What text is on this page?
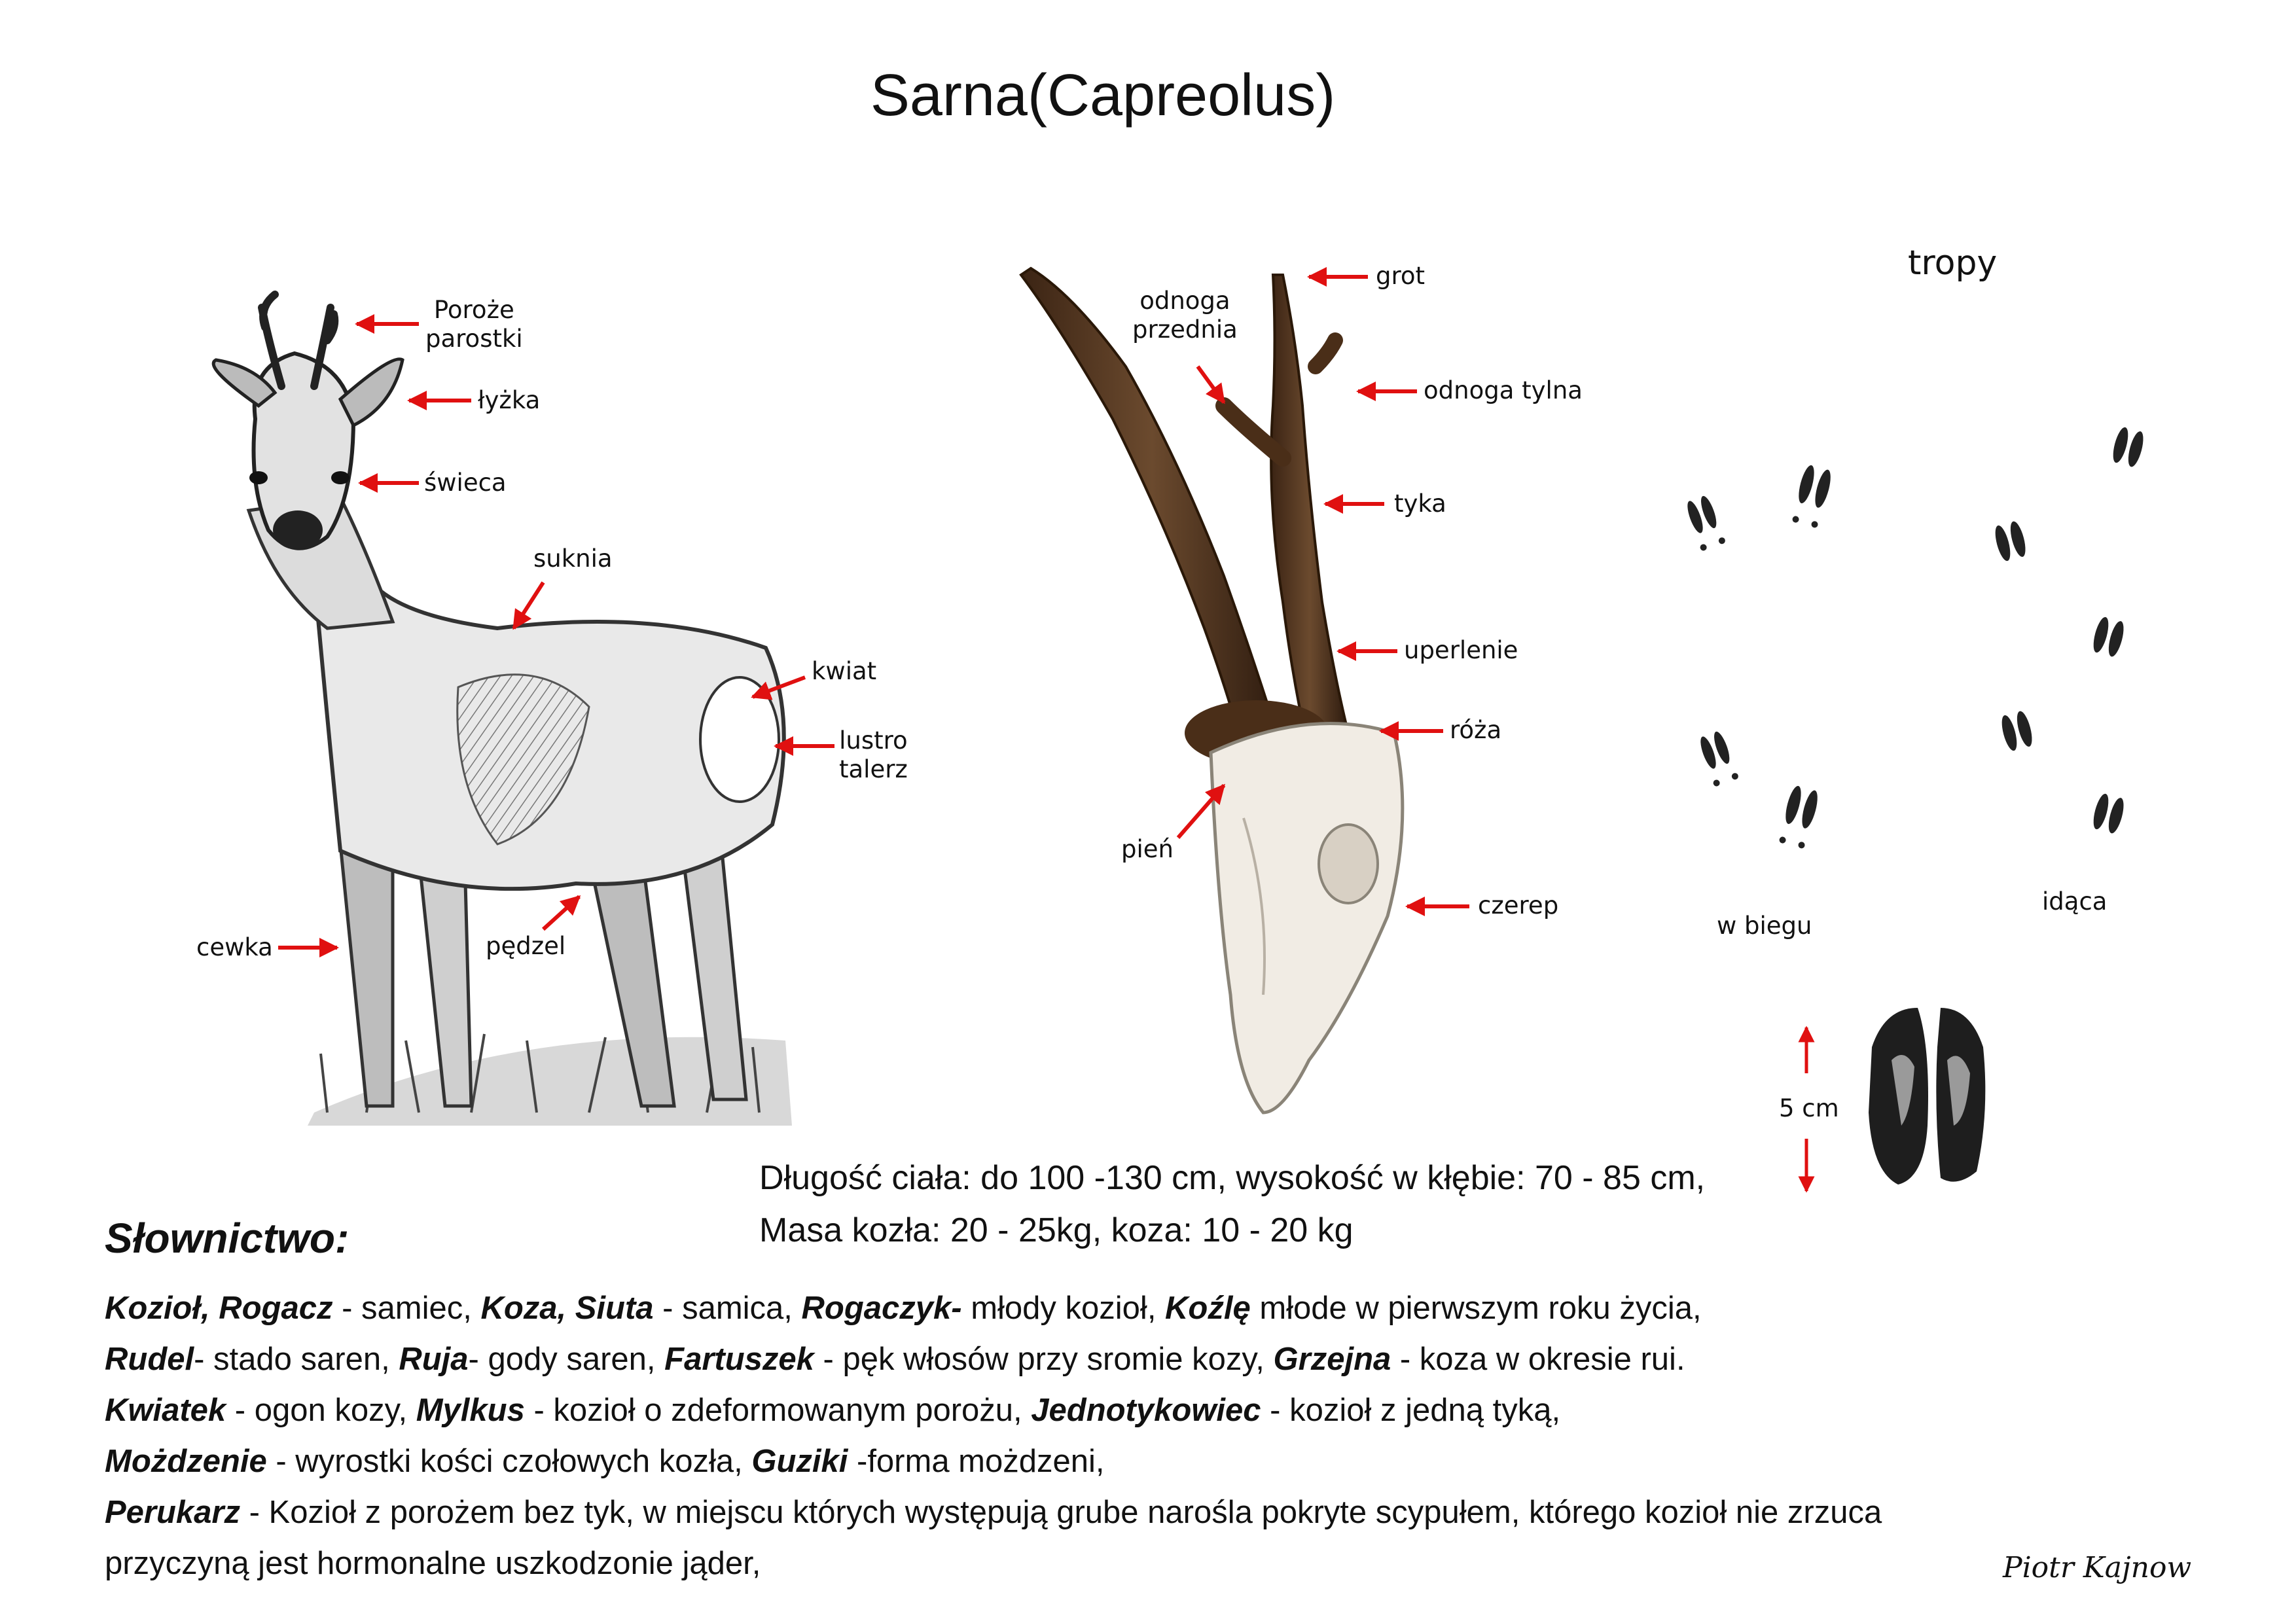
Sarna(Capreolus)
Poroże
parostki
łyżka
świeca
suknia
kwiat
lustro
talerz
cewka	pędzel
grot
odnoga
przednia
odnoga tylna
tyka
uperlenie
róża
pień
czerep
tropy
w biegu
idąca
5 cm
Długość ciała: do 100 -130 cm, wysokość w kłębie: 70 - 85 cm,
Masa kozła: 20 - 25kg, koza: 10 - 20 kg
Słownictwo:

Kozioł, Rogacz - samiec, Koza, Siuta - samica, Rogaczyk- młody kozioł, Koźlę młode w pierwszym roku życia,

Rudel- stado saren, Ruja- gody saren, Fartuszek - pęk włosów przy sromie kozy, Grzejna - koza w okresie rui.

Kwiatek - ogon kozy, Mylkus - kozioł o zdeformowanym porożu, Jednotykowiec - kozioł z jedną tyką,

Możdzenie - wyrostki kości czołowych kozła, Guziki -forma możdzeni,

Perukarz - Kozioł z porożem bez tyk, w miejscu których występują grube narośla pokryte scypułem, którego kozioł nie zrzuca

przyczyną jest hormonalne uszkodzonie jąder,	Piotr Kajnow
